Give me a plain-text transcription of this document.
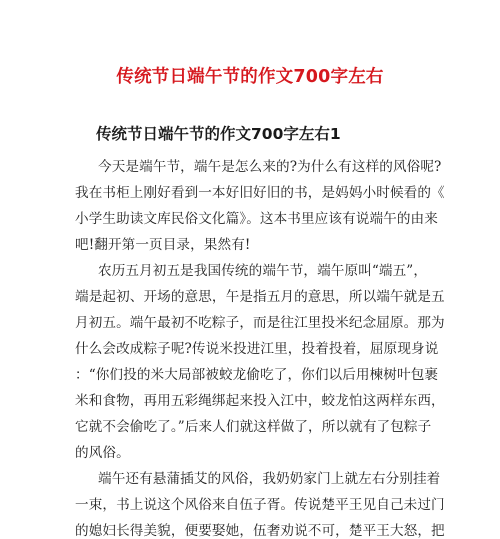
传统节日端午节的作文700字左右
传统节日端午节的作文700字左右1
今天是端午节，端午是怎么来的?为什么有这样的风俗呢?
我在书柜上刚好看到一本好旧好旧的书，是妈妈小时候看的《
小学生助读文库民俗文化篇》。这本书里应该有说端午的由来
吧!翻开第一页目录，果然有!
农历五月初五是我国传统的端午节，端午原叫“端五”，
端是起初、开场的意思，午是指五月的意思，所以端午就是五
月初五。端午最初不吃粽子，而是往江里投米纪念屈原。那为
什么会改成粽子呢?传说米投进江里，投着投着，屈原现身说
：“你们投的米大局部被蛟龙偷吃了，你们以后用楝树叶包裹
米和食物，再用五彩绳绑起来投入江中，蛟龙怕这两样东西，
它就不会偷吃了。”后来人们就这样做了，所以就有了包粽子
的风俗。
端午还有悬蒲插艾的风俗，我奶奶家门上就左右分别挂着
一束，书上说这个风俗来自伍子胥。传说楚平王见自己未过门
的媳妇长得美貌，便要娶她，伍奢劝说不可，楚平王大怒，把
